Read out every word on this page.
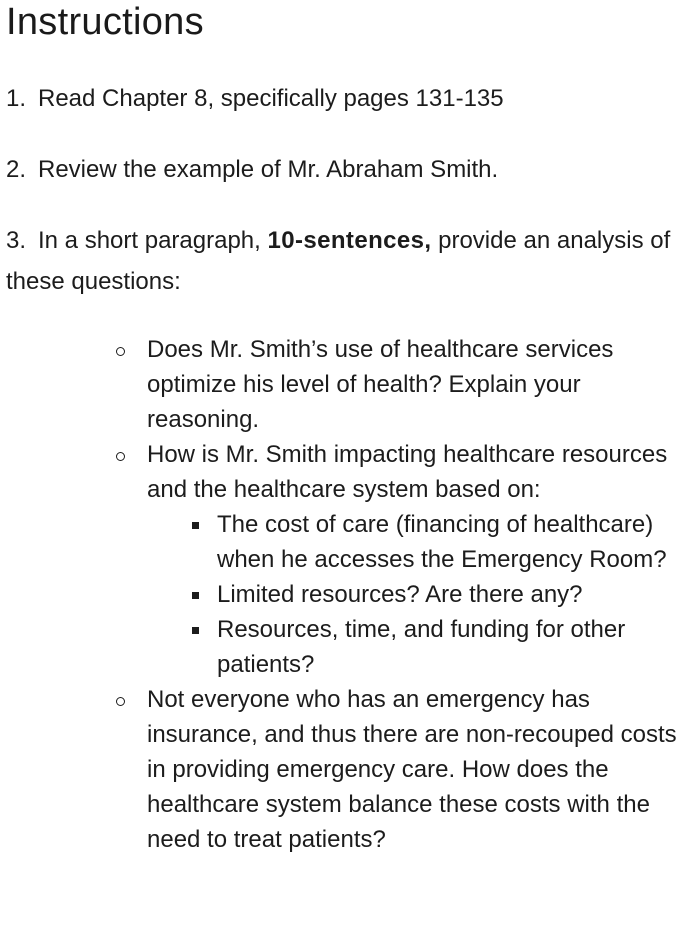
Instructions

1. Read Chapter 8, specifically pages 131-135

2. Review the example of Mr. Abraham Smith.

3. In a short paragraph, 10-sentences, provide an analysis of these questions:

Does Mr. Smith’s use of healthcare services optimize his level of health? Explain your reasoning.
How is Mr. Smith impacting healthcare resources and the healthcare system based on:
The cost of care (financing of healthcare) when he accesses the Emergency Room?
Limited resources? Are there any?
Resources, time, and funding for other patients?
Not everyone who has an emergency has insurance, and thus there are non-recouped costs in providing emergency care. How does the healthcare system balance these costs with the need to treat patients?
